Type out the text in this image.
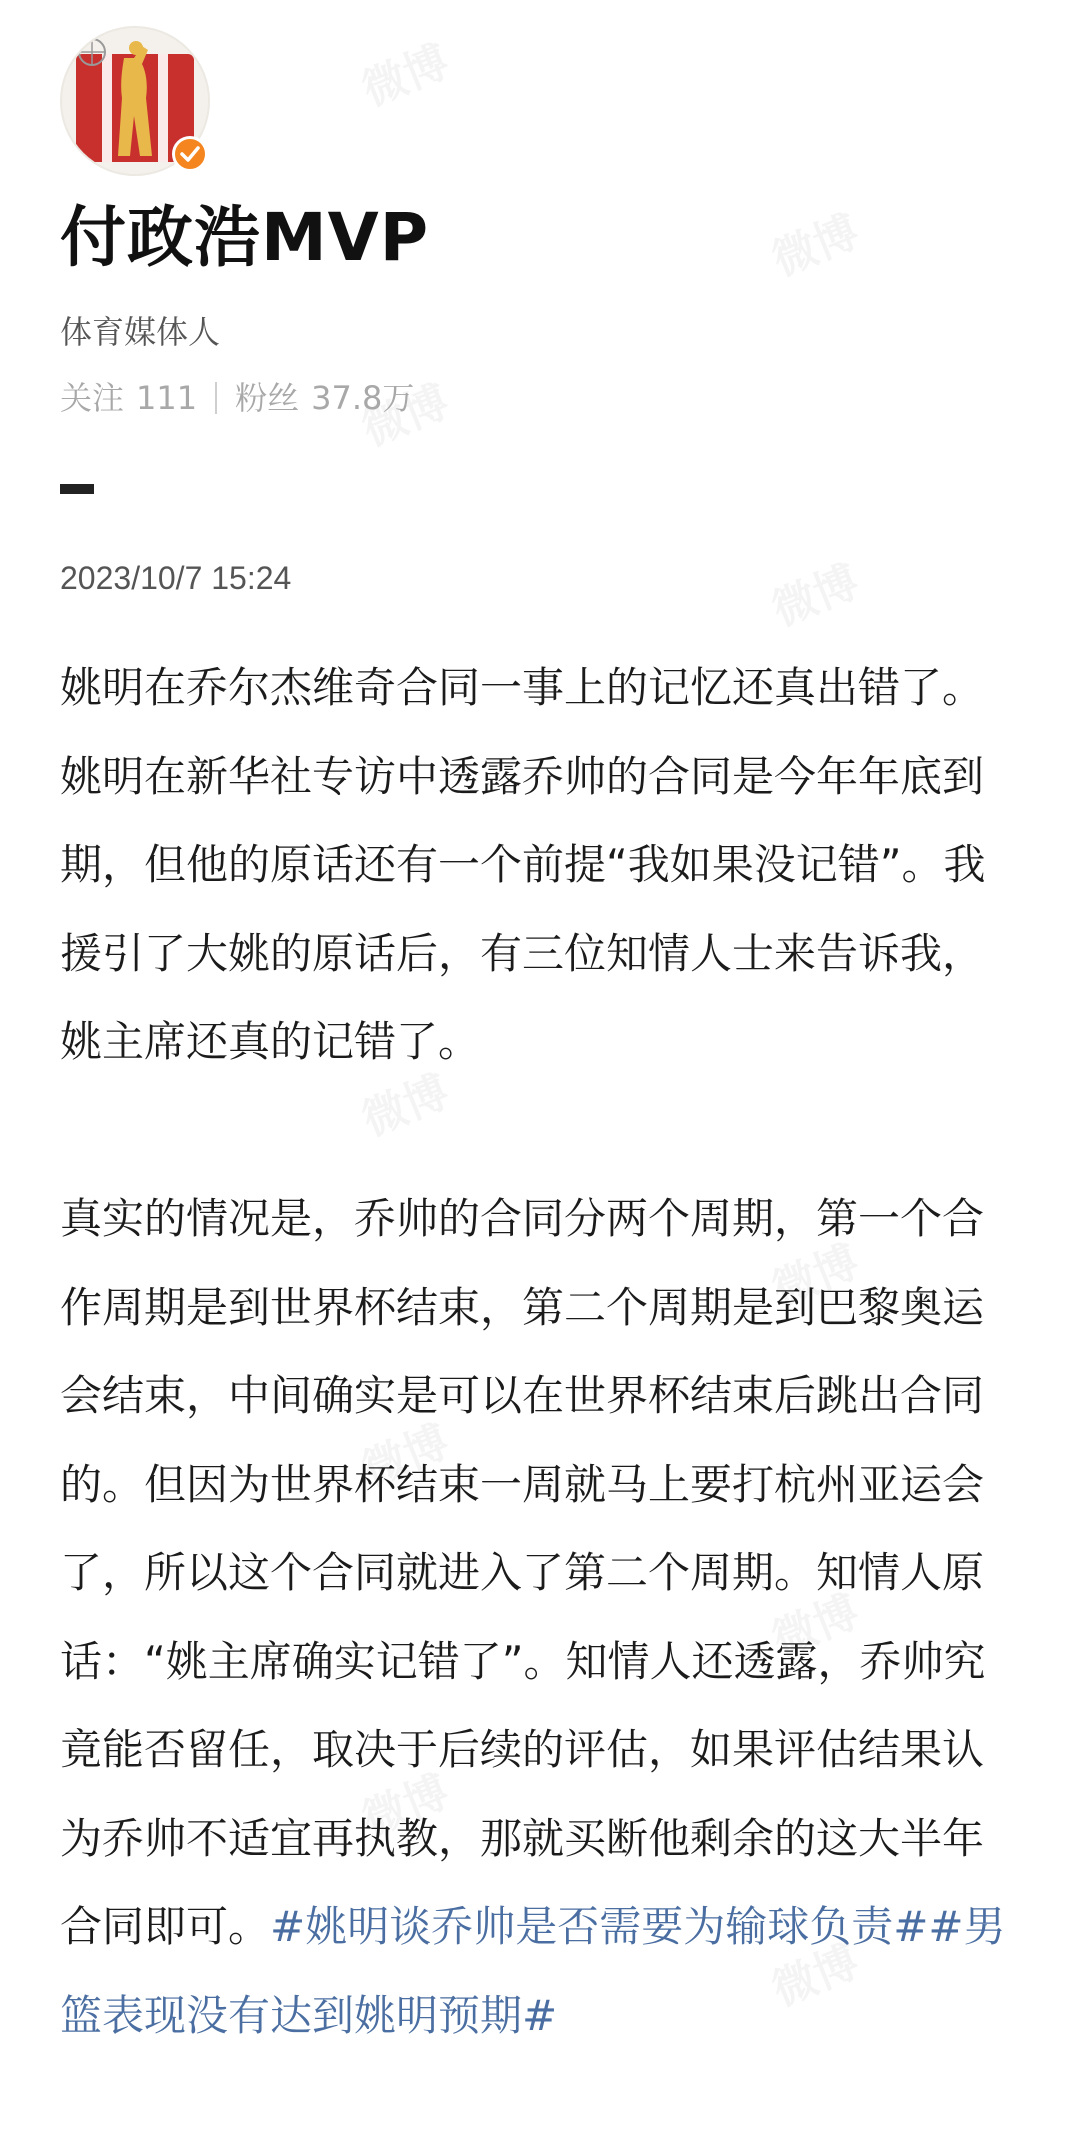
付政浩MVP
体育媒体人
关注 111 粉丝 37.8万
2023/10/7 15:24

姚明在乔尔杰维奇合同一事上的记忆还真出错了。姚明在新华社专访中透露乔帅的合同是今年年底到期，但他的原话还有一个前提“我如果没记错”。我援引了大姚的原话后，有三位知情人士来告诉我，姚主席还真的记错了。

真实的情况是，乔帅的合同分两个周期，第一个合作周期是到世界杯结束，第二个周期是到巴黎奥运会结束，中间确实是可以在世界杯结束后跳出合同的。但因为世界杯结束一周就马上要打杭州亚运会了，所以这个合同就进入了第二个周期。知情人原话：“姚主席确实记错了”。知情人还透露，乔帅究竟能否留任，取决于后续的评估，如果评估结果认为乔帅不适宜再执教，那就买断他剩余的这大半年合同即可。#姚明谈乔帅是否需要为输球负责##男篮表现没有达到姚明预期#
